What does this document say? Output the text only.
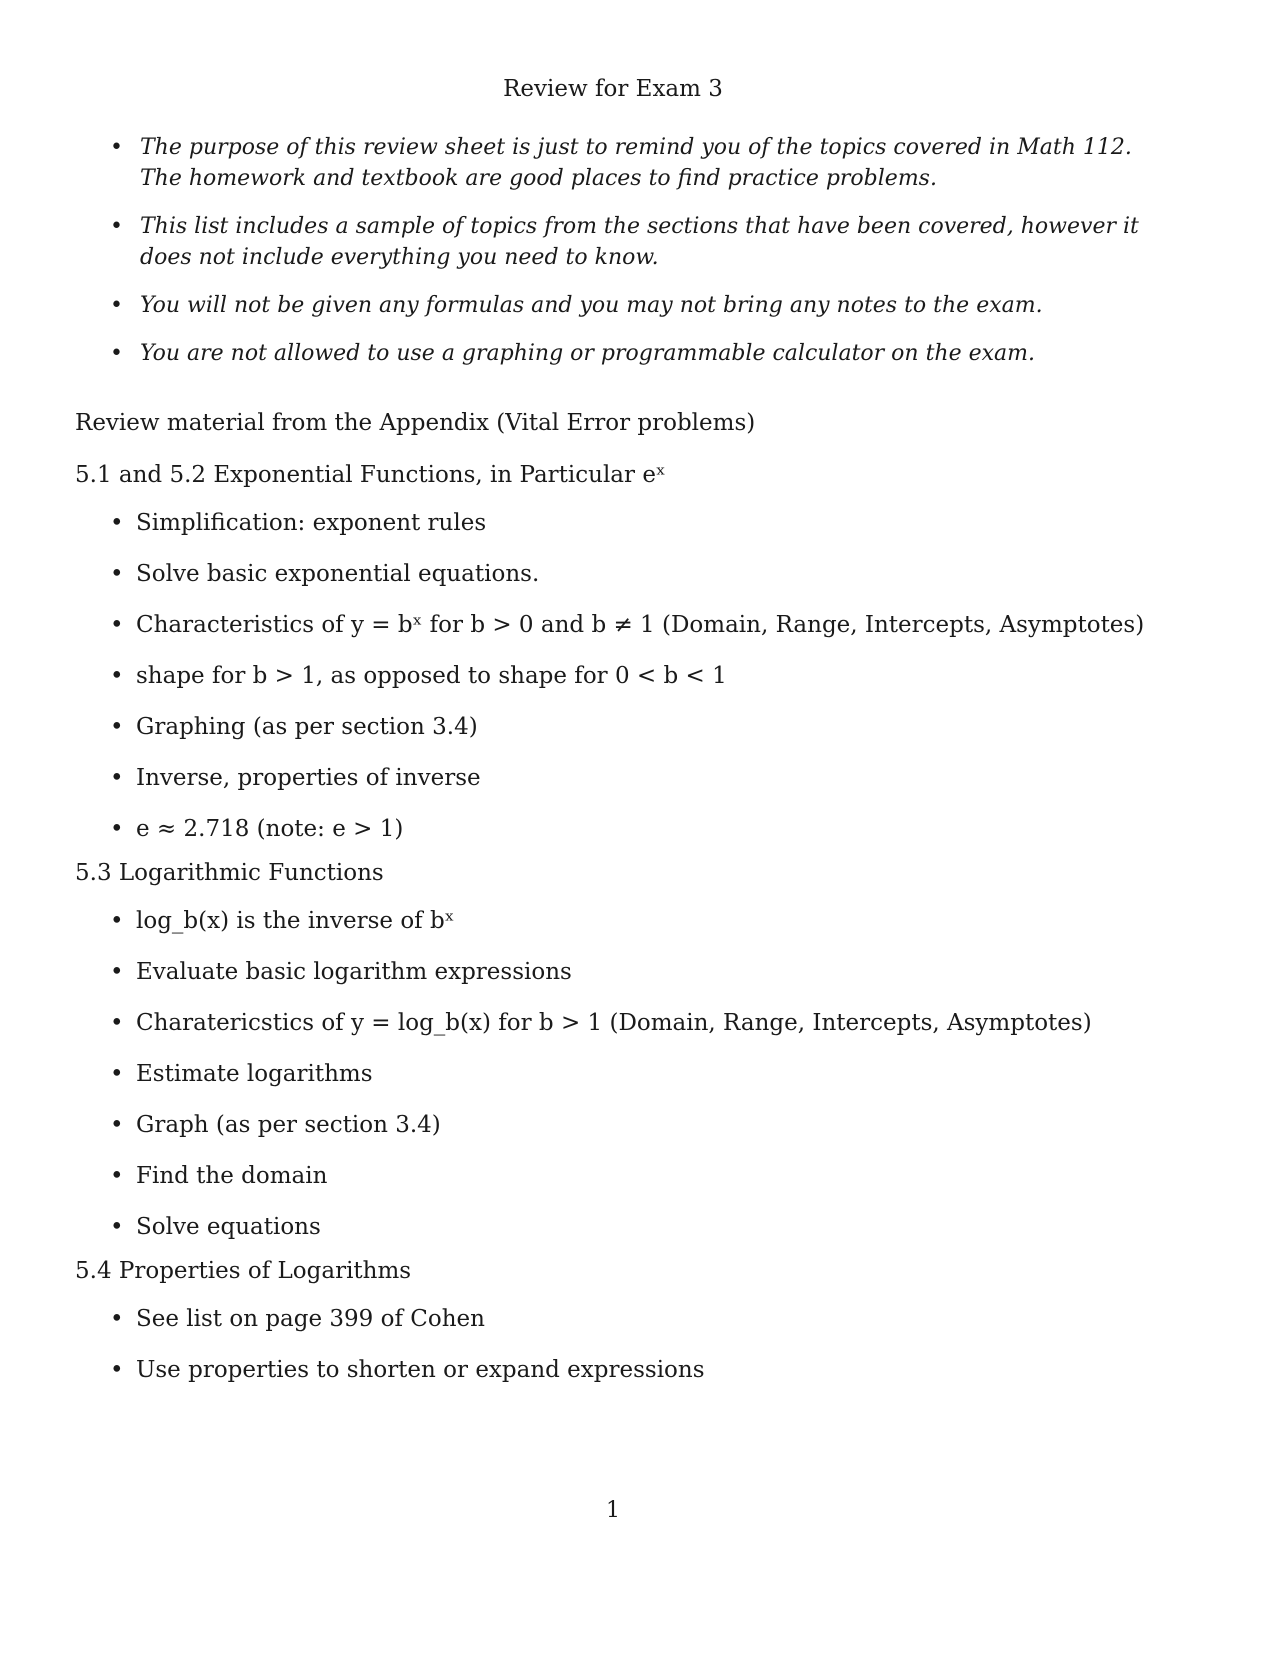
Review for Exam 3
• The purpose of this review sheet is just to remind you of the topics covered in Math 112. The homework and textbook are good places to find practice problems.
• This list includes a sample of topics from the sections that have been covered, however it does not include everything you need to know.
• You will not be given any formulas and you may not bring any notes to the exam.
• You are not allowed to use a graphing or programmable calculator on the exam.
Review material from the Appendix (Vital Error problems)
5.1 and 5.2 Exponential Functions, in Particular eˣ
• Simplification: exponent rules
• Solve basic exponential equations.
• Characteristics of y = bˣ for b > 0 and b ≠ 1 (Domain, Range, Intercepts, Asymptotes)
• shape for b > 1, as opposed to shape for 0 < b < 1
• Graphing (as per section 3.4)
• Inverse, properties of inverse
• e ≈ 2.718 (note: e > 1)
5.3 Logarithmic Functions
• log_b(x) is the inverse of bˣ
• Evaluate basic logarithm expressions
• Charatericstics of y = log_b(x) for b > 1 (Domain, Range, Intercepts, Asymptotes)
• Estimate logarithms
• Graph (as per section 3.4)
• Find the domain
• Solve equations
5.4 Properties of Logarithms
• See list on page 399 of Cohen
• Use properties to shorten or expand expressions
1
